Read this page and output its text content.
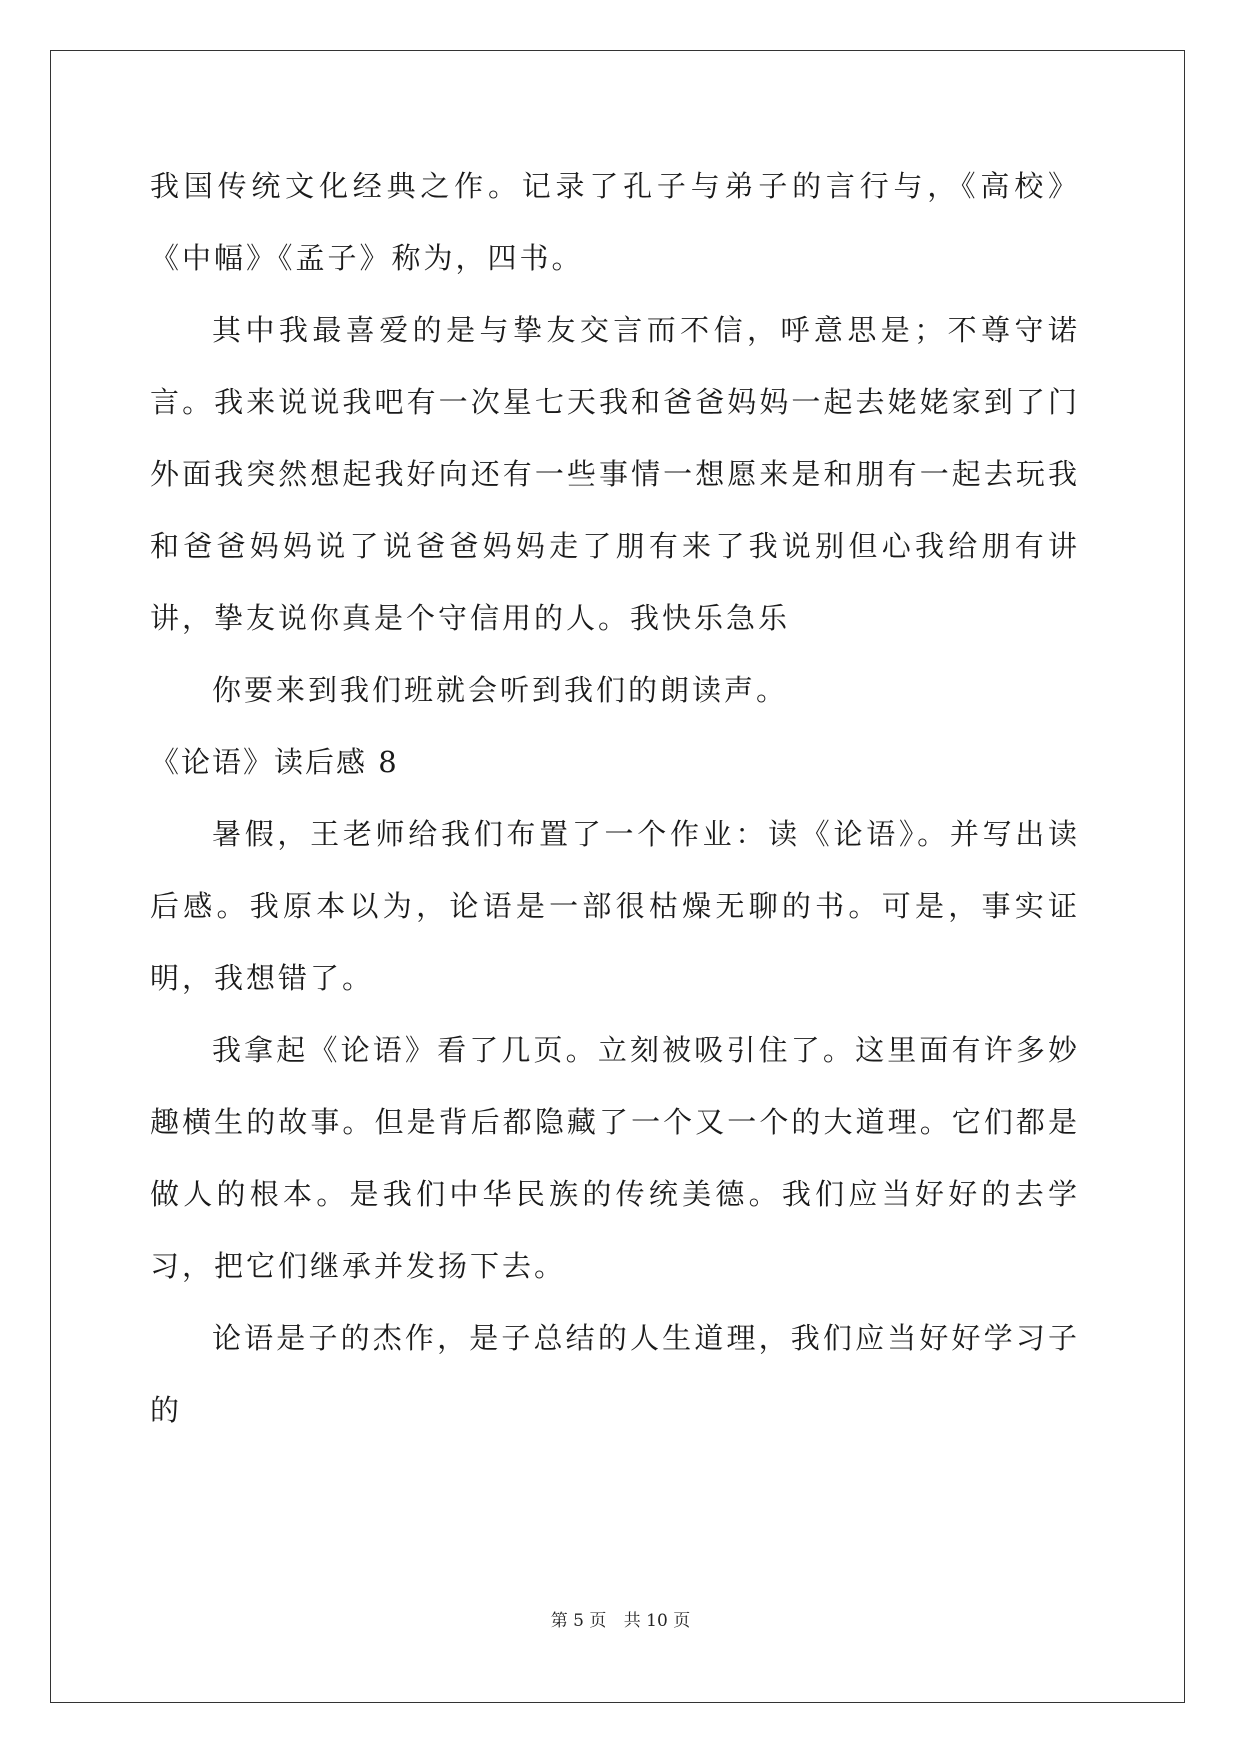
我国传统文化经典之作。记录了孔子与弟子的言行与，《高校》《中幅》《孟子》称为，四书。

其中我最喜爱的是与挚友交言而不信，呼意思是；不尊守诺言。我来说说我吧有一次星七天我和爸爸妈妈一起去姥姥家到了门外面我突然想起我好向还有一些事情一想愿来是和朋有一起去玩我和爸爸妈妈说了说爸爸妈妈走了朋有来了我说别但心我给朋有讲讲，挚友说你真是个守信用的人。我快乐急乐

你要来到我们班就会听到我们的朗读声。

《论语》读后感 8

暑假，王老师给我们布置了一个作业：读《论语》。并写出读后感。我原本以为，论语是一部很枯燥无聊的书。可是，事实证明，我想错了。

我拿起《论语》看了几页。立刻被吸引住了。这里面有许多妙趣横生的故事。但是背后都隐藏了一个又一个的大道理。它们都是做人的根本。是我们中华民族的传统美德。我们应当好好的去学习，把它们继承并发扬下去。

论语是子的杰作，是子总结的人生道理，我们应当好好学习子的

第 5 页 共 10 页
